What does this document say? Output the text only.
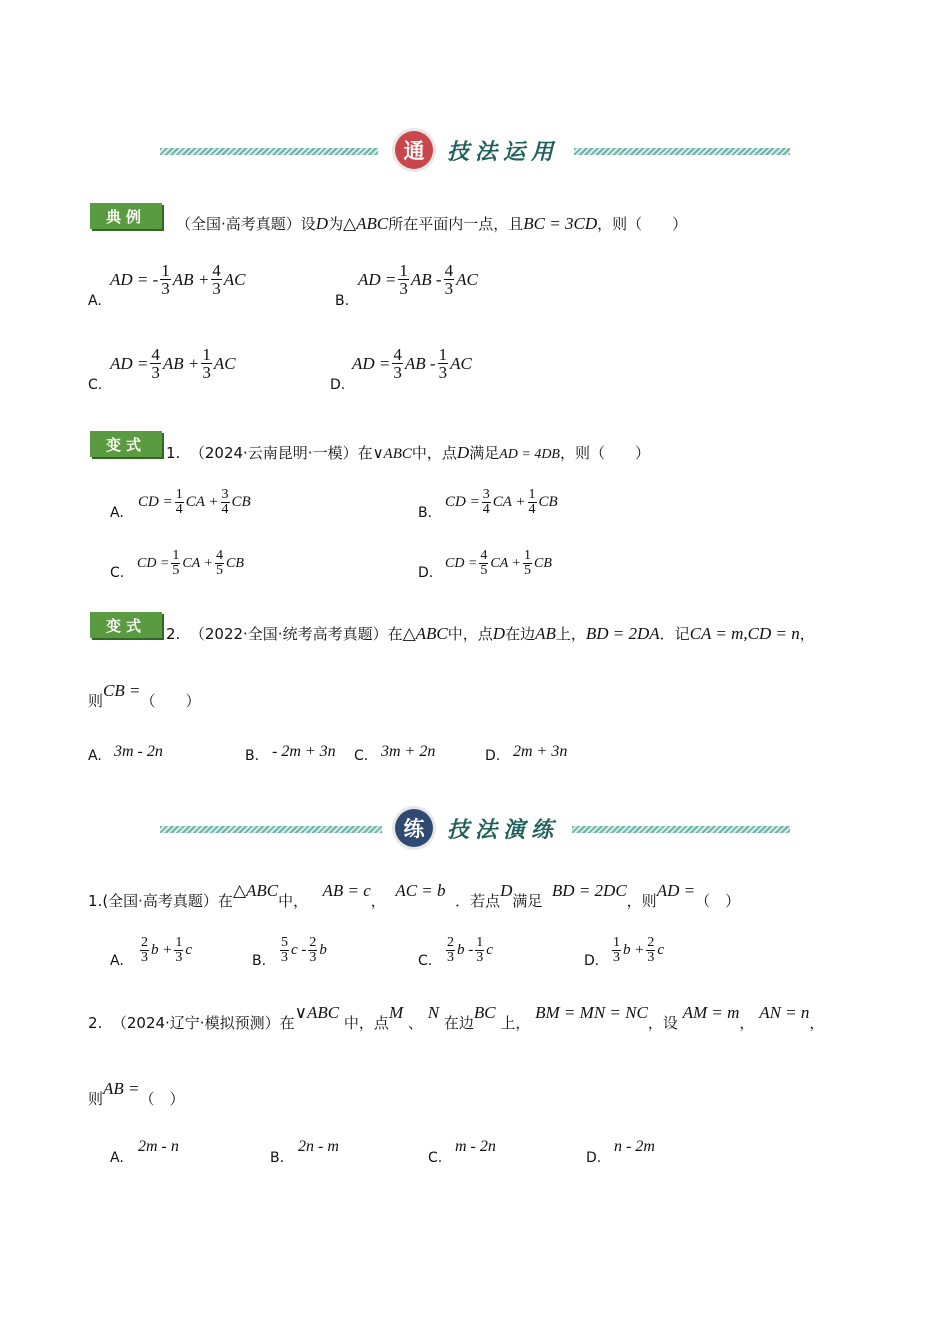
通	技法运用
典例	（全国·高考真题）设D为△ABC所在平面内一点，且BC = 3CD，则（　　）
A.
AD = - $\frac{1}{3}$ AB + $\frac{4}{3}$ AC
B.
AD = $\frac{1}{3}$ AB - $\frac{4}{3}$ AC
C.
AD = $\frac{4}{3}$ AB + $\frac{1}{3}$ AC
D.
AD = $\frac{4}{3}$ AB - $\frac{1}{3}$ AC
变式	1. （2024·云南昆明·一模）在∨ABC中，点D满足AD = 4DB，则（　　）
A.
CD = $\frac{1}{4}$ CA + $\frac{3}{4}$ CB
B.
CD = $\frac{3}{4}$ CA + $\frac{1}{4}$ CB
C.
CD = $\frac{1}{5}$ CA + $\frac{4}{5}$ CB
D.
CD = $\frac{4}{5}$ CA + $\frac{1}{5}$ CB
变式	2. （2022·全国·统考高考真题）在△ABC中，点D在边AB上，BD = 2DA．记CA = m,CD = n，
则CB =（　　）
A. 3m - 2n	B. - 2m + 3n C. 3m + 2n	D. 2m + 3n
练	技法演练
1.(全国·高考真题）在△ABC中，   AB = c，  AC = b  ．若点D满足  BD = 2DC，则AD =（　）
A. $\frac{2}{3}$ $b + \frac{1}{3}$ c
B. $\frac{5}{3}$ c - $\frac{2}{3}$ b
C. $\frac{2}{3}$ b - $\frac{1}{3}$ c
D. $\frac{1}{3}$ $b + \frac{2}{3}$ c
2. （2024·辽宁·模拟预测）在∨ABC 中，点M 、 N 在边BC 上， BM = MN = NC，设 AM = m， AN = n，
则AB =（　）
A.
2m - n
B.
2n - m
C.
m - 2n
D.
n - 2m
